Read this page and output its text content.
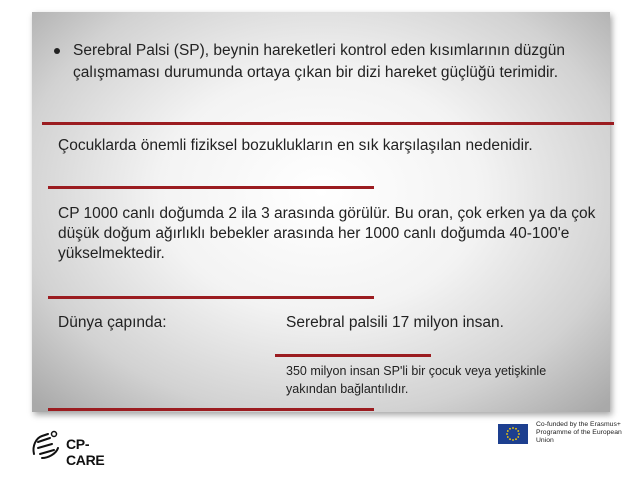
Serebral Palsi (SP), beynin hareketleri kontrol eden kısımlarının düzgün çalışmaması durumunda ortaya çıkan bir dizi hareket güçlüğü terimidir.
Çocuklarda önemli fiziksel bozuklukların en sık karşılaşılan nedenidir.
CP 1000 canlı doğumda 2 ila 3 arasında görülür. Bu oran, çok erken ya da çok düşük doğum ağırlıklı bebekler arasında her 1000 canlı doğumda 40-100'e yükselmektedir.
Dünya çapında:	Serebral palsili 17 milyon insan.
350 milyon insan SP'li bir çocuk veya yetişkinle yakından bağlantılıdır.
CP-CARE
Co-funded by the Erasmus+ Programme of the European Union
